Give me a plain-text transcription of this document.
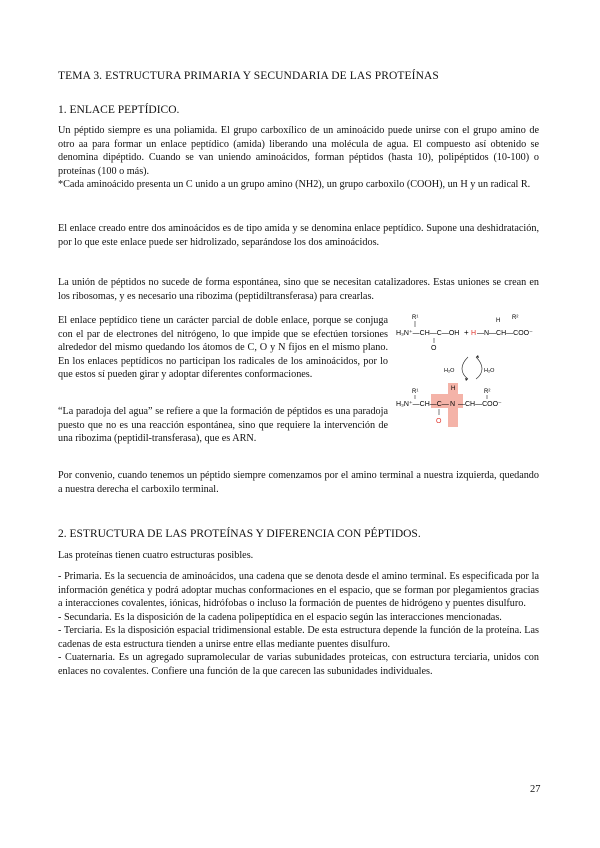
TEMA 3. ESTRUCTURA PRIMARIA Y SECUNDARIA DE LAS PROTEÍNAS
1. ENLACE PEPTÍDICO.

Un péptido siempre es una poliamida. El grupo carboxílico de un aminoácido puede unirse con el grupo amino de otro aa para formar un enlace peptídico (amida) liberando una molécula de agua. El compuesto así obtenido se denomina dipéptido. Cuando se van uniendo aminoácidos, forman péptidos (hasta 10), polipéptidos (10-100) o proteínas (100 o más).
*Cada aminoácido presenta un C unido a un grupo amino (NH2), un grupo carboxilo (COOH), un H y un radical R.

El enlace creado entre dos aminoácidos es de tipo amida y se denomina enlace peptídico. Supone una deshidratación, por lo que este enlace puede ser hidrolizado, separándose los dos aminoácidos.

La unión de péptidos no sucede de forma espontánea, sino que se necesitan catalizadores. Estas uniones se crean en los ribosomas, y es necesario una ribozima (peptidiltransferasa) para crearlas.

El enlace peptídico tiene un carácter parcial de doble enlace, porque se conjuga con el par de electrones del nitrógeno, lo que impide que se efectúen torsiones alrededor del mismo quedando los átomos de C, O y N fijos en el mismo plano. En los enlaces peptídicos no participan los radicales de los aminoácidos, por lo que estos sí pueden girar y adoptar diferentes conformaciones.

“La paradoja del agua” se refiere a que la formación de péptidos es una paradoja puesto que no es una reacción espontánea, sino que requiere la intervención de una ribozima (peptidil-transferasa), que es ARN.

Por convenio, cuando tenemos un péptido siempre comenzamos por el amino terminal a nuestra izquierda, quedando a nuestra derecha el carboxilo terminal.

R¹
H₃N⁺—CH—C—OH
O
+ H
H R²
—N—CH—COO⁻
H₂O	H₂O
R¹
H₃N⁺—CH—C—
H
N —CH—COO⁻
R²
O
2. ESTRUCTURA DE LAS PROTEÍNAS Y DIFERENCIA CON PÉPTIDOS.

Las proteínas tienen cuatro estructuras posibles.

- Primaria. Es la secuencia de aminoácidos, una cadena que se denota desde el amino terminal. Es especificada por la información genética y podrá adoptar muchas conformaciones en el espacio, que se forman por plegamientos gracias a interacciones covalentes, iónicas, hidrófobas o incluso la formación de puentes de hidrógeno y puentes disulfuro.
- Secundaria. Es la disposición de la cadena polipeptídica en el espacio según las interacciones mencionadas.
- Terciaria. Es la disposición espacial tridimensional estable. De esta estructura depende la función de la proteína. Las cadenas de esta estructura tienden a unirse entre ellas mediante puentes disulfuro.
- Cuaternaria. Es un agregado supramolecular de varias subunidades proteicas, con estructura terciaria, unidos con enlaces no covalentes. Confiere una función de la que carecen las subunidades individuales.

27
